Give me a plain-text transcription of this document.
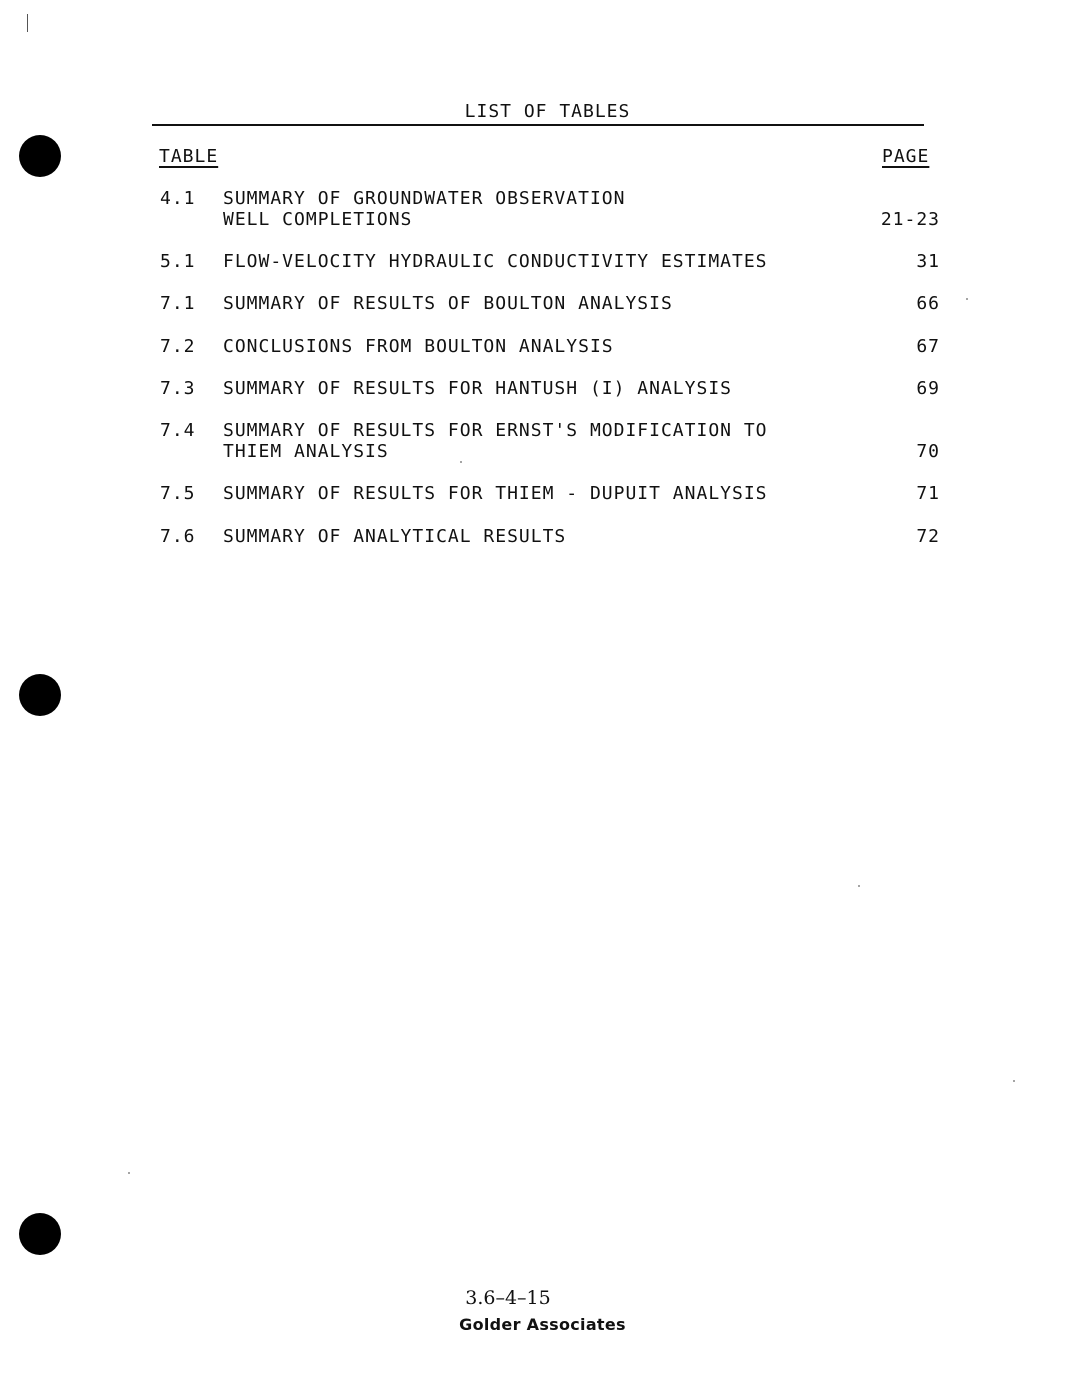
LIST OF TABLES
TABLE	PAGE
4.1 SUMMARY OF GROUNDWATER OBSERVATION
WELL COMPLETIONS	21-23
5.1 FLOW-VELOCITY HYDRAULIC CONDUCTIVITY ESTIMATES	31
7.1 SUMMARY OF RESULTS OF BOULTON ANALYSIS	66
7.2 CONCLUSIONS FROM BOULTON ANALYSIS	67
7.3 SUMMARY OF RESULTS FOR HANTUSH (I) ANALYSIS	69
7.4 SUMMARY OF RESULTS FOR ERNST'S MODIFICATION TO
THIEM ANALYSIS	70
7.5 SUMMARY OF RESULTS FOR THIEM - DUPUIT ANALYSIS	71
7.6 SUMMARY OF ANALYTICAL RESULTS	72
3.6–4–15
Golder Associates
